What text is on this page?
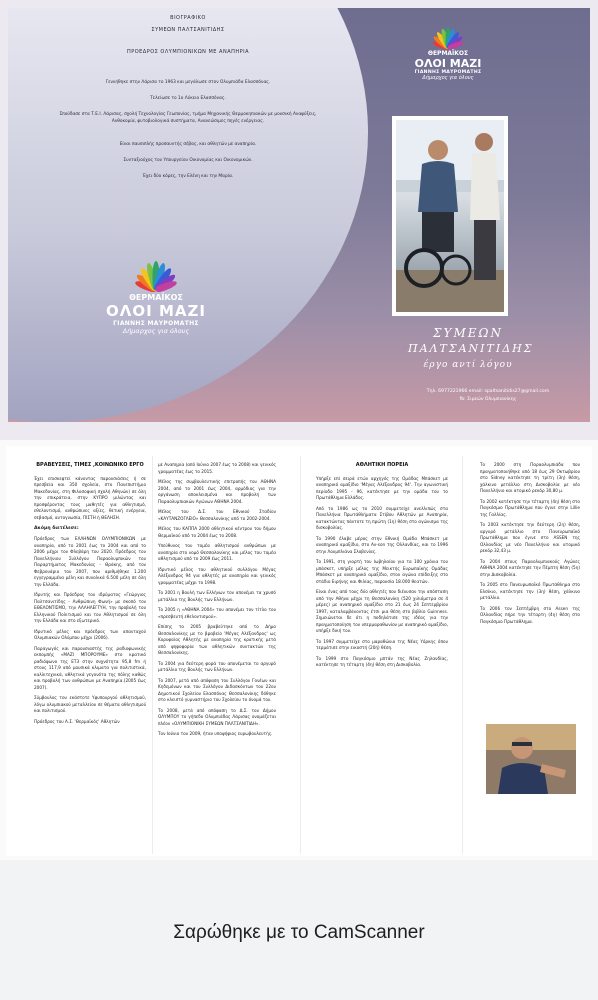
ΒΙΟΓΡΑΦΙΚΟ
ΣΥΜΕΩΝ ΠΑΛΤΣΑΝΙΤΙΔΗΣ
ΠΡΟΕΔΡΟΣ ΟΛΥΜΠΙΟΝΙΚΩΝ ΜΕ ΑΝΑΠΗΡΙΑ
Γεννήθηκε στην Λάρισα το 1963 και μεγάλωσε στον Ολυμπιάδα Ελασσόνας.
Τελείωσε το 1ο Λύκειο Ελασσόνας.
Σπούδασε στα Τ.Ε.Ι. Λάρισας, σχολή Τεχνολογίας Γεωπονίας, τμήμα Μηχανικής Θερμοκηπιακών με μουσική Αναψύξεις, Ανθοκομία, φυτοβιολογικά συστήματα, Ανανεώσιμες πηγές ενέργειας.
Είναι παυσιπλής προσαυντής σέβας, και αθλητών με αναπηρία.
Συνταξιούχος του Υπουργείου Οικονομίας και Οικονομικών.
Έχει δύο κόρες, την Ελένη και την Μαρία.
ΘΕΡΜΑΪΚΟΣ
ΟΛΟΙ ΜΑΖΙ
ΓΙΑΝΝΗΣ ΜΑΥΡΟΜΑΤΗΣ
Δήμαρχος για όλους
ΘΕΡΜΑΪΚΟΣ
ΟΛΟΙ ΜΑΖΙ
ΓΙΑΝΝΗΣ ΜΑΥΡΟΜΑΤΗΣ
Δήμαρχος για όλους
ΣΥΜΕΩΝ
ΠΑΛΤΣΑΝΙΤΙΔΗΣ
έργο αντί λόγου
Τηλ. 6977221966 email: spaltsanitidis27@gmail.com
fb: Σιμεών Ολυμπιονίκης
ΒΡΑΒΕΥΣΕΙΣ, ΤΙΜΕΣ ,ΚΟΙΝΩΝΙΚΟ ΕΡΓΟ

Έχει επισκεφτεί κάνοντας παρουσιάσεις ή σε πρεσβεία και 350 σχολεία, στο Πανεπιστήμιο Μακεδονίας, στη Φιλοσοφική σχολή Αθηνών) σε όλη την επικράτεια, στην ΚΥΠΡΟ μιλώντας και προσφέροντας τους μαθητές για αθλητισμό, εθελοντισμό, ανθρώπινες αξίες, θετική ενέργεια, σεβασμό, αυτογνωσία, ΠΙΣΤΗ ή ΘΕΛΗΣΗ.

Ακόμη διετέλεσε:

Πρόεδρος των ΕΛΛΗΝΩΝ ΟΛΥΜΠΙΟΝΙΚΩΝ με αναπηρία, από το 2001 έως το 2004 και από το 2006 μέχρι τον Φλεβάρη του 2020. Πρόεδρος του Πανελλήνιου Συλλόγου Παραολυμπικών του Παραρτήματος Μακεδονίας - Θράκης, από τον Φεβρουάριο του 2007, που αριθμήθηκε 1.200 εγγεγραμμένα μέλη και συνολικά 6.500 μέλη σε όλη την Ελλάδα.

Ιδρυτής και Πρόεδρος του ιδρύματος «Γεώργιος Παλτσανιτίδης - Ανθρώπινη Φωνή» με σκοπό τον ΕΘΕΛΟΝΤΙΣΜΟ, την ΑΛΛΗΛΕΓΓΥΗ, την προβολή του Ελληνικού Πολιτισμού και του Αθλητισμού σε όλη την Ελλάδα και στο εξωτερικό.

Ιδρυτικό μέλος και πρόεδρος των απανταχού Ολυμπιακών Ολύμπου μέχρι (2006).

Παραγωγός και παρουσιαστής της ραδιοφωνικής εκπομπής «ΜΑΖΙ ΜΠΟΡΟΥΜΕ» στο κρατικό ραδιόφωνο της ΕΤ3 στην συχνότητα 95,8 fm ή στους 117,9 από μουσικά κλιματα για πολιτιστικά, καλλιτεχνικά, αθλητικά γεγονότα της πόλης καθώς και προβολή των ανθρώπων με Αναπηρία.(2005 έως 2007).

Σύμβουλος του εκάστοτε Υφυπουργού αθλητισμού, λόγω ολυμπιακού μεταλλείου σε θέματα αθλητισμού και πολιτισμού.

Πρόεδρος του Α.Σ. 'Θερμαϊκός' Αθλητών

με Αναπηρία (από Ιούνιο 2007 έως το 2008) και γενικός γραμματέας έως το 2015.

Μέλος της συμβουλευτικής επιτροπής του ΑΘΗΝΑ 2004, από το 2001 έως 2004, αρμόδιος για την οργάνωση αποκλεισμένα και προβολή των Παραολυμπιακών Αγώνων ΑΘΗΝΑ 2004.

Μέλος του Δ.Σ. του Εθνικού Σταδίου «ΚΑΥΤΑΝΖΟΓΛΕΙΟ» Θεσσαλονίκης από το 2002-2004.

Μέλος του ΚΑΠΠΑ 2000 αθλητικού κέντρου του δήμου Θερμαϊκού από το 2004 έως το 2008.

Υπεύθυνος του τομέα αθλητισμού ανθρώπων με αναπηρία στο νομό Θεσσαλονίκης και μέλος του τομέα αθλητισμού από το 2009 έως 2011.

Ιδρυτικό μέλος του αθλητικού συλλόγου Μέγας Αλέξανδρος 94 για αθλητές με αναπηρία και γενικός γραμματέας μέχρι το 1998.

Το 2001 η Βουλή των Ελλήνων τον απονέμει τα χρυσό μετάλλιο της Βουλής των Ελλήνων.

Το 2005 η «ΑΘΗΝΑ 2004» του απονέμει τον τίτλο του «πρεσβευτή εθελοντισμού».

Επίσης το 2005 βραβεύτηκε από το Δήμο Θεσσαλονίκης με το βραβείο 'Μέγας Αλέξανδρος' ως Κορυφαίος Αθλητής με αναπηρία της κρατικής μετά από ψηφοφορία των αθλητικών συντακτών της Θεσσαλονίκης.

Το 2004 για δεύτερη φορά του απονέμεται το αργυρό μετάλλιο της Βουλής των Ελλήνων.

Το 2007, μετά από απόφαση του Συλλόγου Γονέων και Κηδεμόνων και του Συλλόγου Διδασκόντων του 22ου Δημοτικού Σχολείου Ελασσόνας Θεσσαλονίκης δόθηκε στο κλειστό γυμναστήριο του Σχολείου το όνομά του.

Το 2008, μετά από απόφαση το Δ.Σ. του Δήμου ΟΛΥΜΠΟΥ το γήπεδο Ολυμπιάδας Λάρισας ονομάζεται πλέον «ΟΛΥΜΠΙΟΝΙΚΗ ΣΥΜΕΩΝ ΠΑΛΤΣΑΝΙΤΙΔΗ».

Τον Ιούνιο του 2009, ήταν υποψήφιος ευρωβουλευτής.

ΑΘΛΗΤΙΚΗ ΠΟΡΕΙΑ

Υπήρξε επί σειρά ετών αρχηγός της Ομάδας Μπάσκετ με αναπηρικό αμαξίδιο 'Μέγας Αλέξανδρος 94'. Την αγωνιστική περίοδο 1995 - 96, κατέκτησε με την ομάδα του το Πρωτάθλημα Ελλάδος.

Από το 1986 ως το 2010 συμμετείχε ανελλιπώς στα Πανελλήνια Πρωτάθλήματα Στίβου Αθλητών με Αναπηρία, κατακτώντας πάντοτε τη πρώτη (1η) θέση στο αγώνισμα της δισκοβολίας.

Το 1990 έλαβε μέρος στην Εθνική Ομάδα Μπάσκετ με αναπηρικό αμαξίδιο, στο Aν-son της Ολλανδίας, και το 1996 στην Λουμπλιάνα Σλοβενίας.

Το 1991, στη γιορτή του Ιωβηλαίου για τα 100 χρόνια του μπάσκετ, υπήρξε μέλος της Μεικτής Ευρωπαϊκής Ομάδας Μπάσκετ με αναπηρικό αμαξίδιο, στον αγώνα επίδειξης στο στάδιο Ειρήνης και Φιλίας, παρουσία 18.000 θεατών.

Είναι ένας από τους δύο αθλητές που διένυσαν την απόσταση από την Αθήνα μέχρι τη Θεσσαλονίκη (520 χιλιόμετρα σε 4 μέρες) με αναπηρικό αμαξίδιο στο 21 έως 24 Σεπτεμβρίου 1997, καταλαμβάνοντας έτσι μια θέση στο βιβλίο Guinness. Σημειώνεται δε ότι η ποδηλάτισε της ιδέας για την πραγματοποίηση του υπερμαραθωνίου με αναπηρικό αμαξίδιο, υπήρξε δική του.

Το 1997 συμμετείχε στο μαραθώνιο της Νέας Υόρκης όπου τερμάτισε στην εικοστή (20ή) θέση.

Το 1999 στο Παγκόσμιο μπτάν της Νέας Ζηλανδίας, κατέκτησε τη τέταρτη (4η) θέση στη Δισκοβολία.

Το 2000 στη Παραολυμπιάδα που πραγματοποιήθηκε από 18 έως 29 Οκτωβρίου στο Sidney κατέκτησε τη τρίτη (3η) θέση, χάλκινο μετάλλιο στη Δισκοβολία με νέο Πανελλήνιο και ατομικό ρεκόρ 30,80 μ.

Το 2002 κατέκτησε την τέταρτη (4η) θέση στο Παγκόσμιο Πρωτάθλημα που έγινε στην Lillie της Γαλλίας.

Το 2003 κατέκτησε την δεύτερη (2η) θέση, αργυρό μετάλλιο στο Πανευρωπαϊκό Πρωτάθλημα που έγινε στο ASSEN της Ολλανδίας με νέο Πανελλήνιο και ατομικό ρεκόρ 32,43 μ.

Το 2004 στους Παραολυμπιακούς Αγώνες ΑΘΗΝΑ 2004 κατέκτησε την Πέμπτη θέση (5η) στην Δισκοβολία.

Το 2005 στο Πανευρωπαϊκό Πρωτάθλημα στο Ελσίκιο, κατέκτησε την (3η) θέση, χάλκινο μετάλλιο.

Το 2006 τον Σεπτέμβρη στο Assen της Ολλανδίας πήρε την τέταρτη (4η) θέση στο Παγκόσμιο Πρωτάθλημα.

Σαρώθηκε με το CamScanner
